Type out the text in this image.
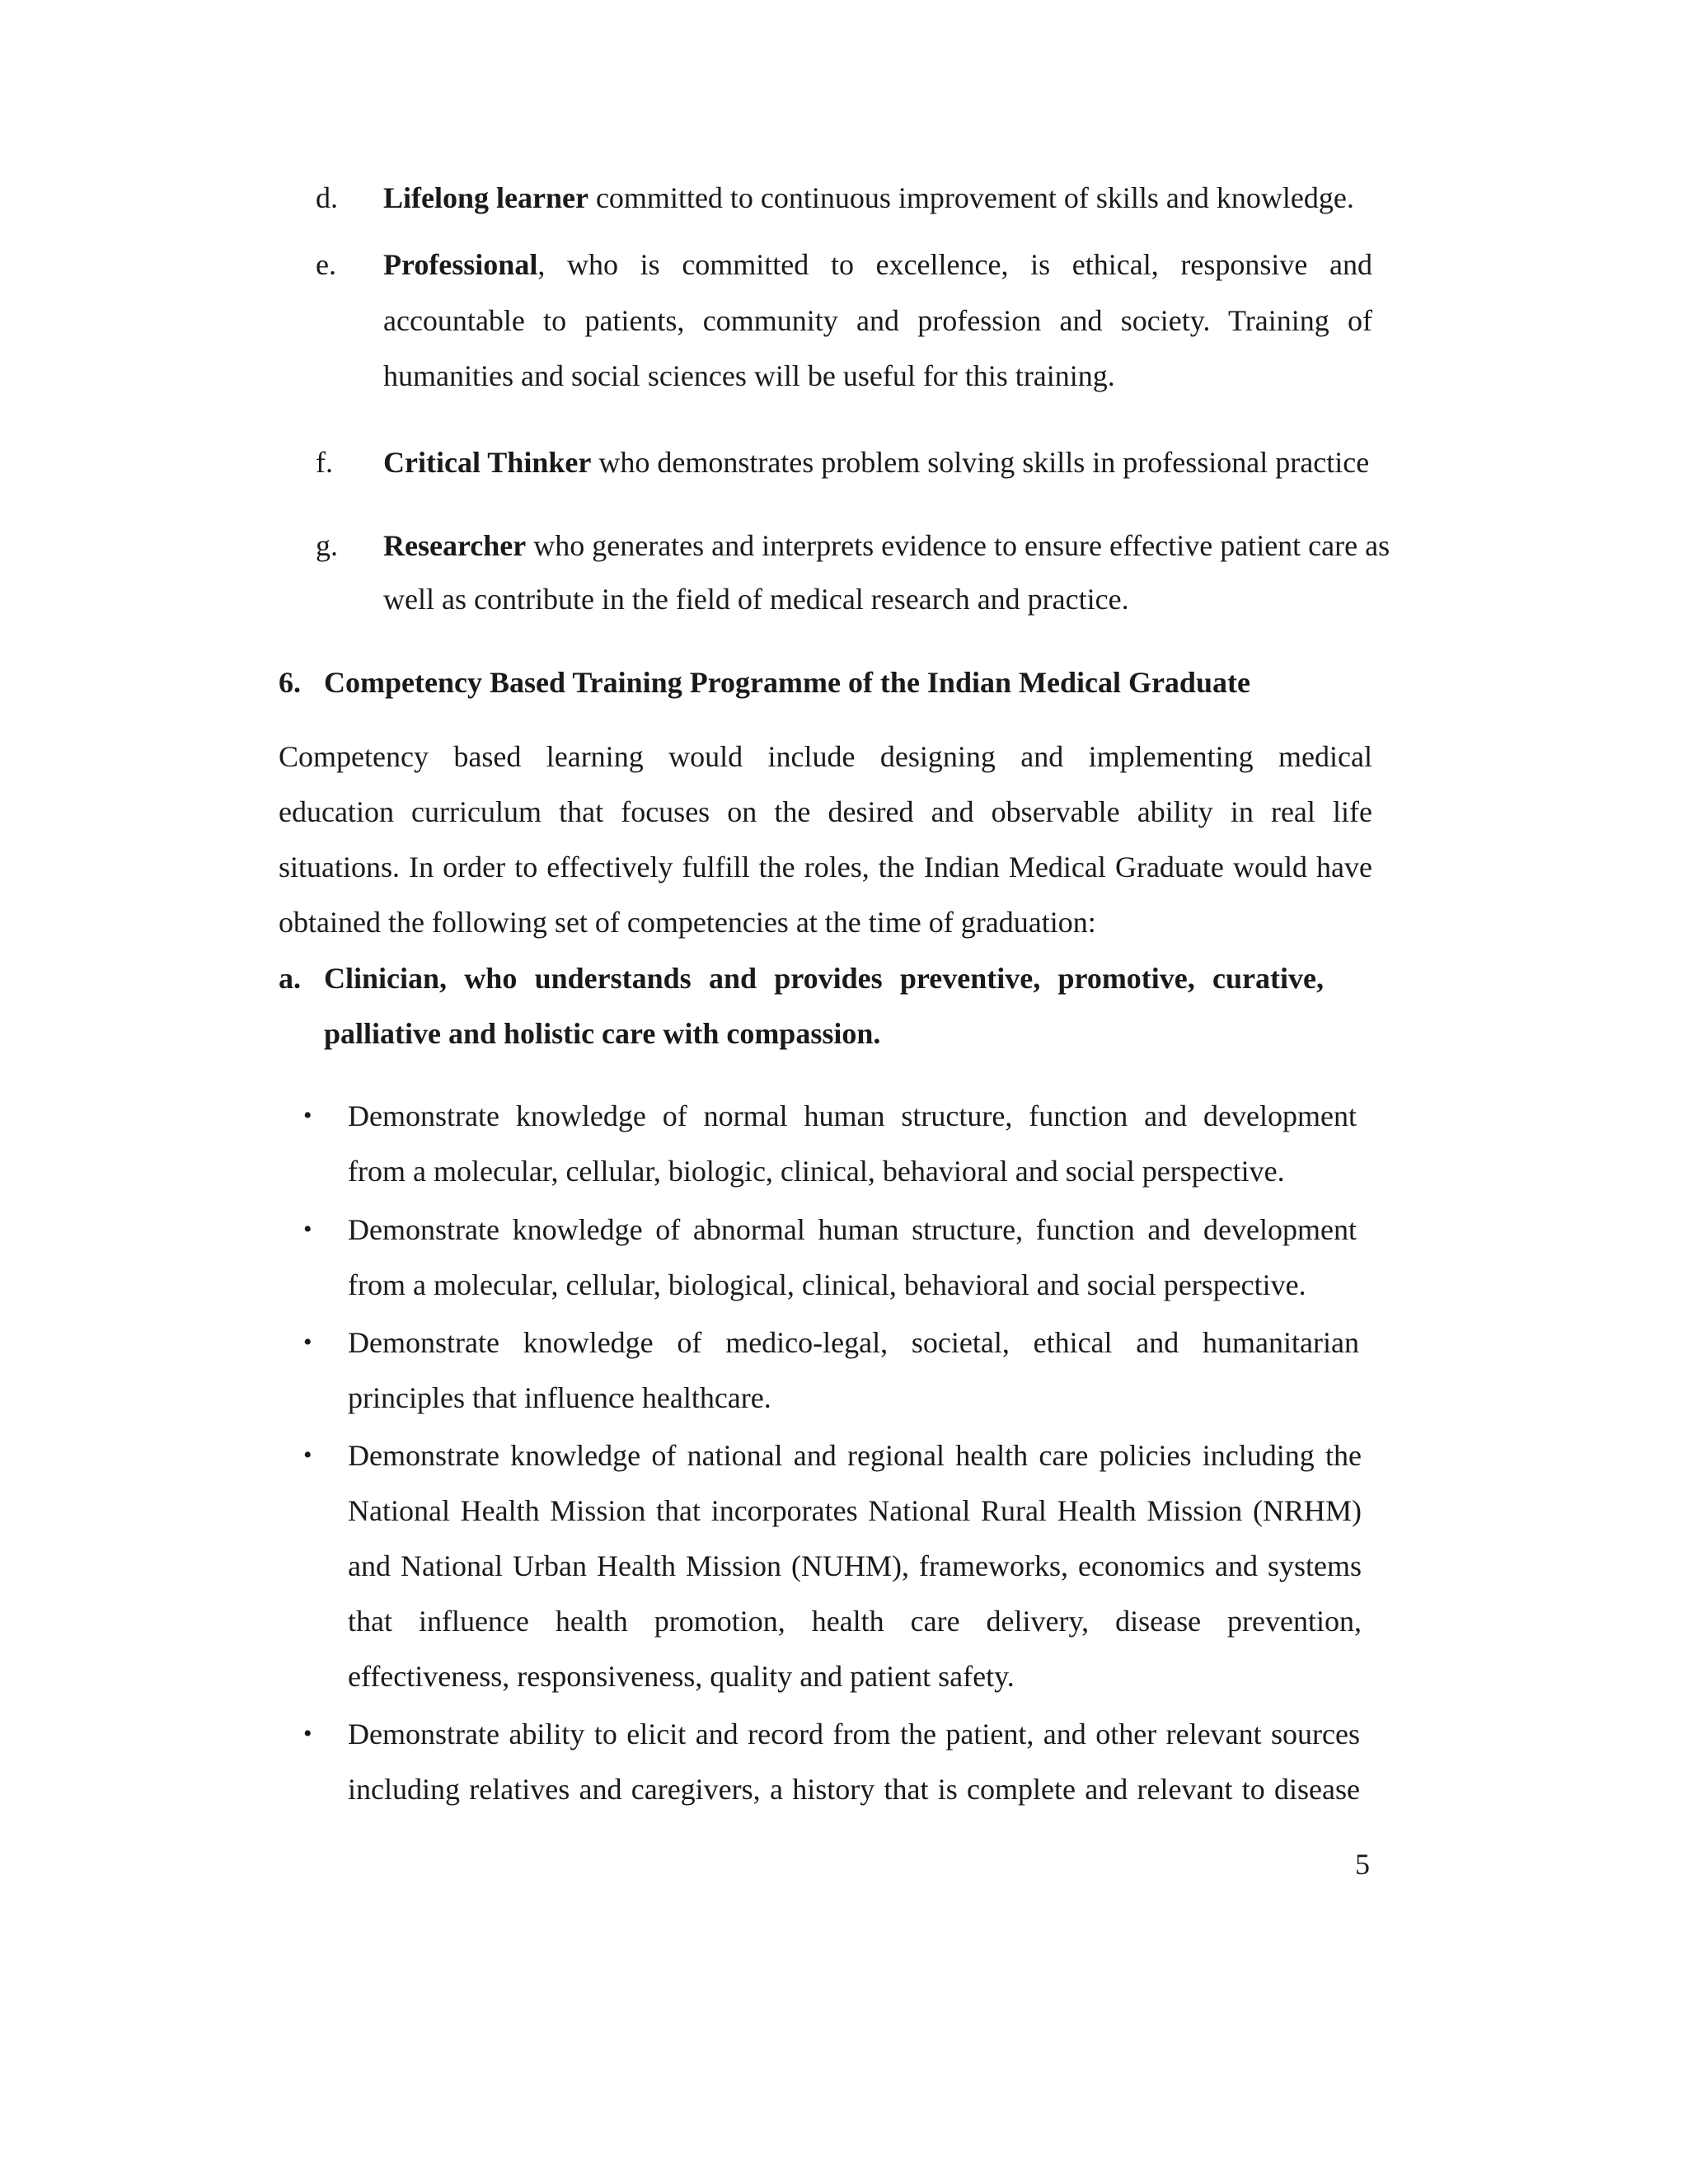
d. Lifelong learner committed to continuous improvement of skills and knowledge.
e. Professional, who is committed to excellence, is ethical, responsive and
accountable to patients, community and profession and society. Training of
humanities and social sciences will be useful for this training.
f. Critical Thinker who demonstrates problem solving skills in professional practice
g. Researcher who generates and interprets evidence to ensure effective patient care as
well as contribute in the field of medical research and practice.
6. Competency Based Training Programme of the Indian Medical Graduate
Competency based learning would include designing and implementing medical
education curriculum that focuses on the desired and observable ability in real life
situations. In order to effectively fulfill the roles, the Indian Medical Graduate would have
obtained the following set of competencies at the time of graduation:
a. Clinician, who understands and provides preventive, promotive, curative,
palliative and holistic care with compassion.
• Demonstrate knowledge of normal human structure, function and development
from a molecular, cellular, biologic, clinical, behavioral and social perspective.
• Demonstrate knowledge of abnormal human structure, function and development
from a molecular, cellular, biological, clinical, behavioral and social perspective.
• Demonstrate knowledge of medico-legal, societal, ethical and humanitarian
principles that influence healthcare.
• Demonstrate knowledge of national and regional health care policies including the
National Health Mission that incorporates National Rural Health Mission (NRHM)
and National Urban Health Mission (NUHM), frameworks, economics and systems
that influence health promotion, health care delivery, disease prevention,
effectiveness, responsiveness, quality and patient safety.
• Demonstrate ability to elicit and record from the patient, and other relevant sources
including relatives and caregivers, a history that is complete and relevant to disease
5
